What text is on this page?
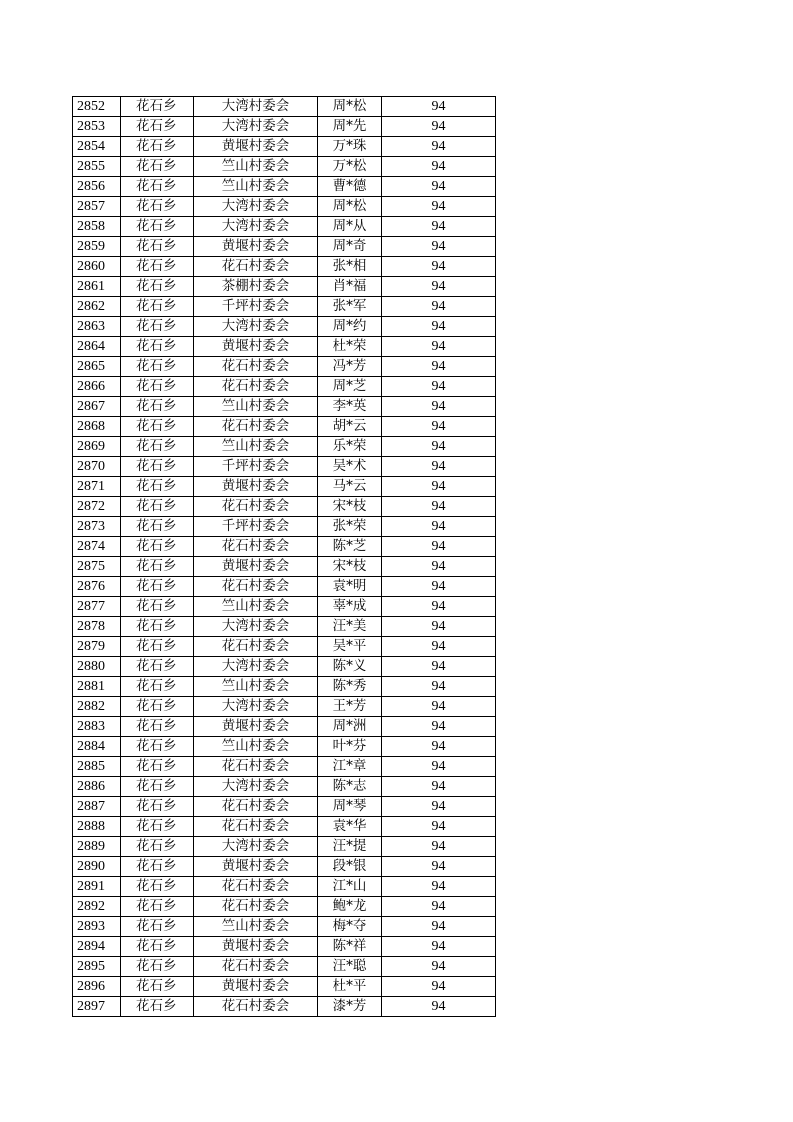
2852	花石乡	大湾村委会	周*松	94
2853	花石乡	大湾村委会	周*先	94
2854	花石乡	黄堰村委会	万*珠	94
2855	花石乡	竺山村委会	万*松	94
2856	花石乡	竺山村委会	曹*德	94
2857	花石乡	大湾村委会	周*松	94
2858	花石乡	大湾村委会	周*从	94
2859	花石乡	黄堰村委会	周*奇	94
2860	花石乡	花石村委会	张*相	94
2861	花石乡	茶棚村委会	肖*福	94
2862	花石乡	千坪村委会	张*军	94
2863	花石乡	大湾村委会	周*约	94
2864	花石乡	黄堰村委会	杜*荣	94
2865	花石乡	花石村委会	冯*芳	94
2866	花石乡	花石村委会	周*芝	94
2867	花石乡	竺山村委会	李*英	94
2868	花石乡	花石村委会	胡*云	94
2869	花石乡	竺山村委会	乐*荣	94
2870	花石乡	千坪村委会	吴*术	94
2871	花石乡	黄堰村委会	马*云	94
2872	花石乡	花石村委会	宋*枝	94
2873	花石乡	千坪村委会	张*荣	94
2874	花石乡	花石村委会	陈*芝	94
2875	花石乡	黄堰村委会	宋*枝	94
2876	花石乡	花石村委会	袁*明	94
2877	花石乡	竺山村委会	辜*成	94
2878	花石乡	大湾村委会	汪*美	94
2879	花石乡	花石村委会	吴*平	94
2880	花石乡	大湾村委会	陈*义	94
2881	花石乡	竺山村委会	陈*秀	94
2882	花石乡	大湾村委会	王*芳	94
2883	花石乡	黄堰村委会	周*洲	94
2884	花石乡	竺山村委会	叶*芬	94
2885	花石乡	花石村委会	江*章	94
2886	花石乡	大湾村委会	陈*志	94
2887	花石乡	花石村委会	周*琴	94
2888	花石乡	花石村委会	袁*华	94
2889	花石乡	大湾村委会	汪*提	94
2890	花石乡	黄堰村委会	段*银	94
2891	花石乡	花石村委会	江*山	94
2892	花石乡	花石村委会	鲍*龙	94
2893	花石乡	竺山村委会	梅*夺	94
2894	花石乡	黄堰村委会	陈*祥	94
2895	花石乡	花石村委会	汪*聪	94
2896	花石乡	黄堰村委会	杜*平	94
2897	花石乡	花石村委会	漆*芳	94
